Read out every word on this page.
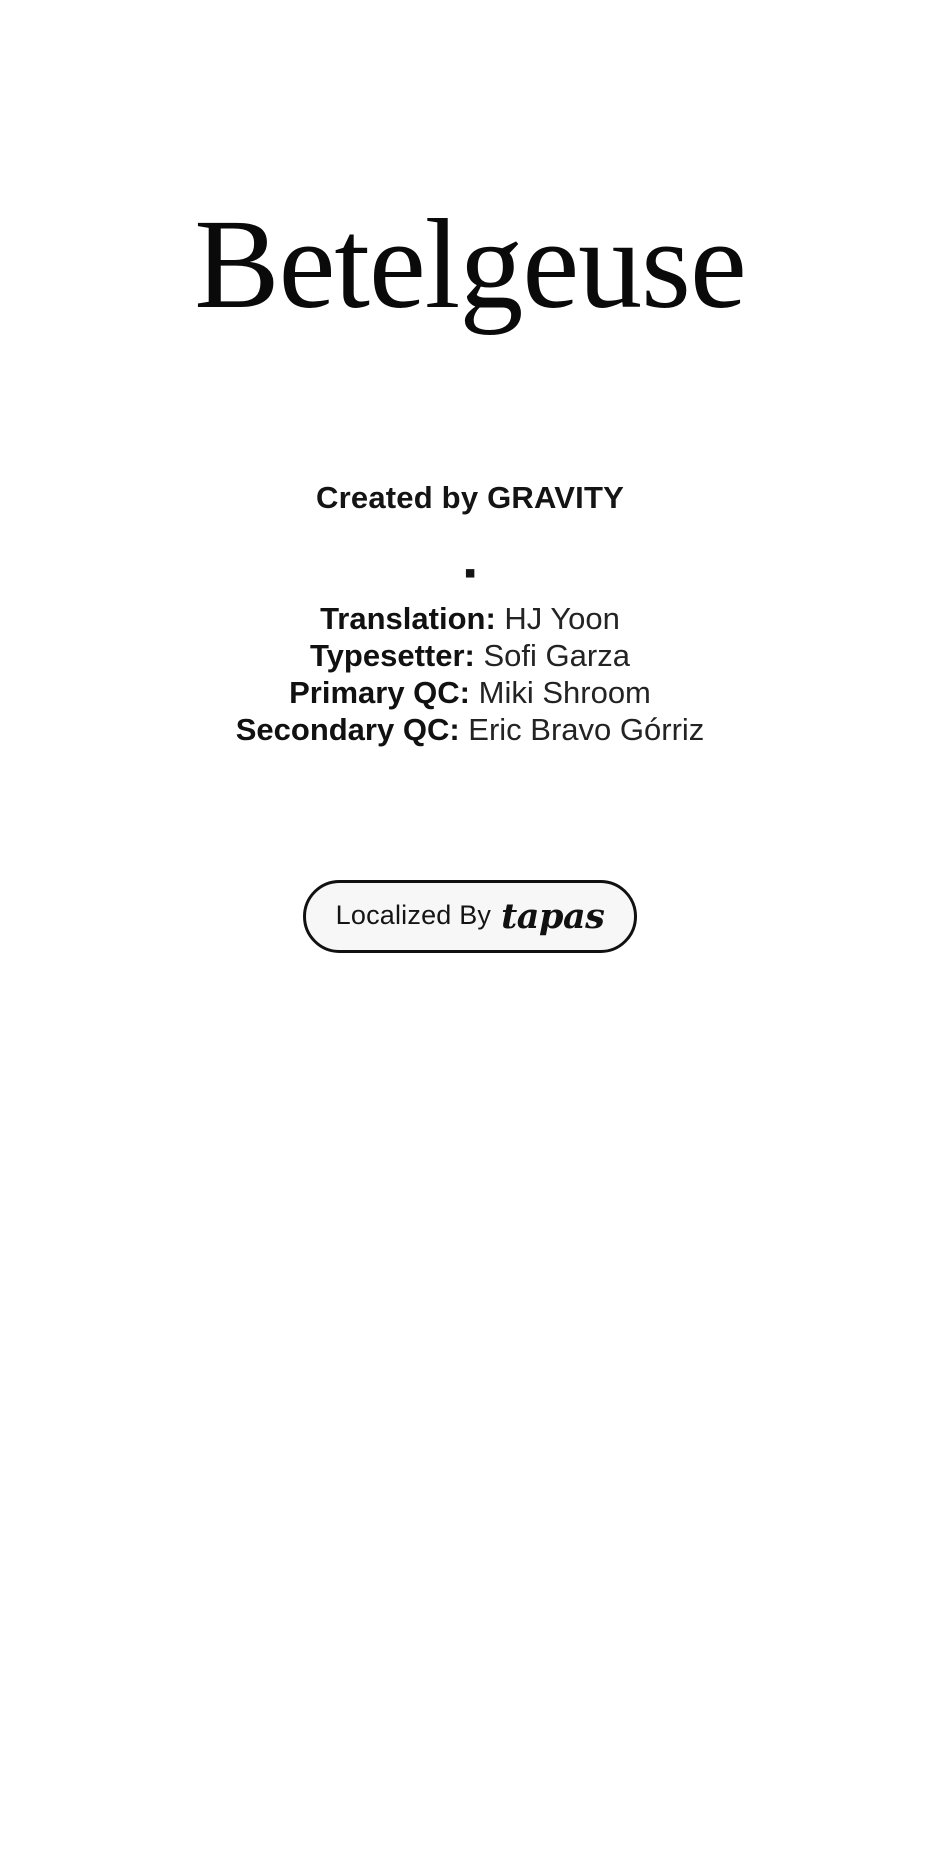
Betelgeuse
Created by GRAVITY
▪
Translation: HJ Yoon
Typesetter: Sofi Garza
Primary QC: Miki Shroom
Secondary QC: Eric Bravo Górriz
Localized By tapas
